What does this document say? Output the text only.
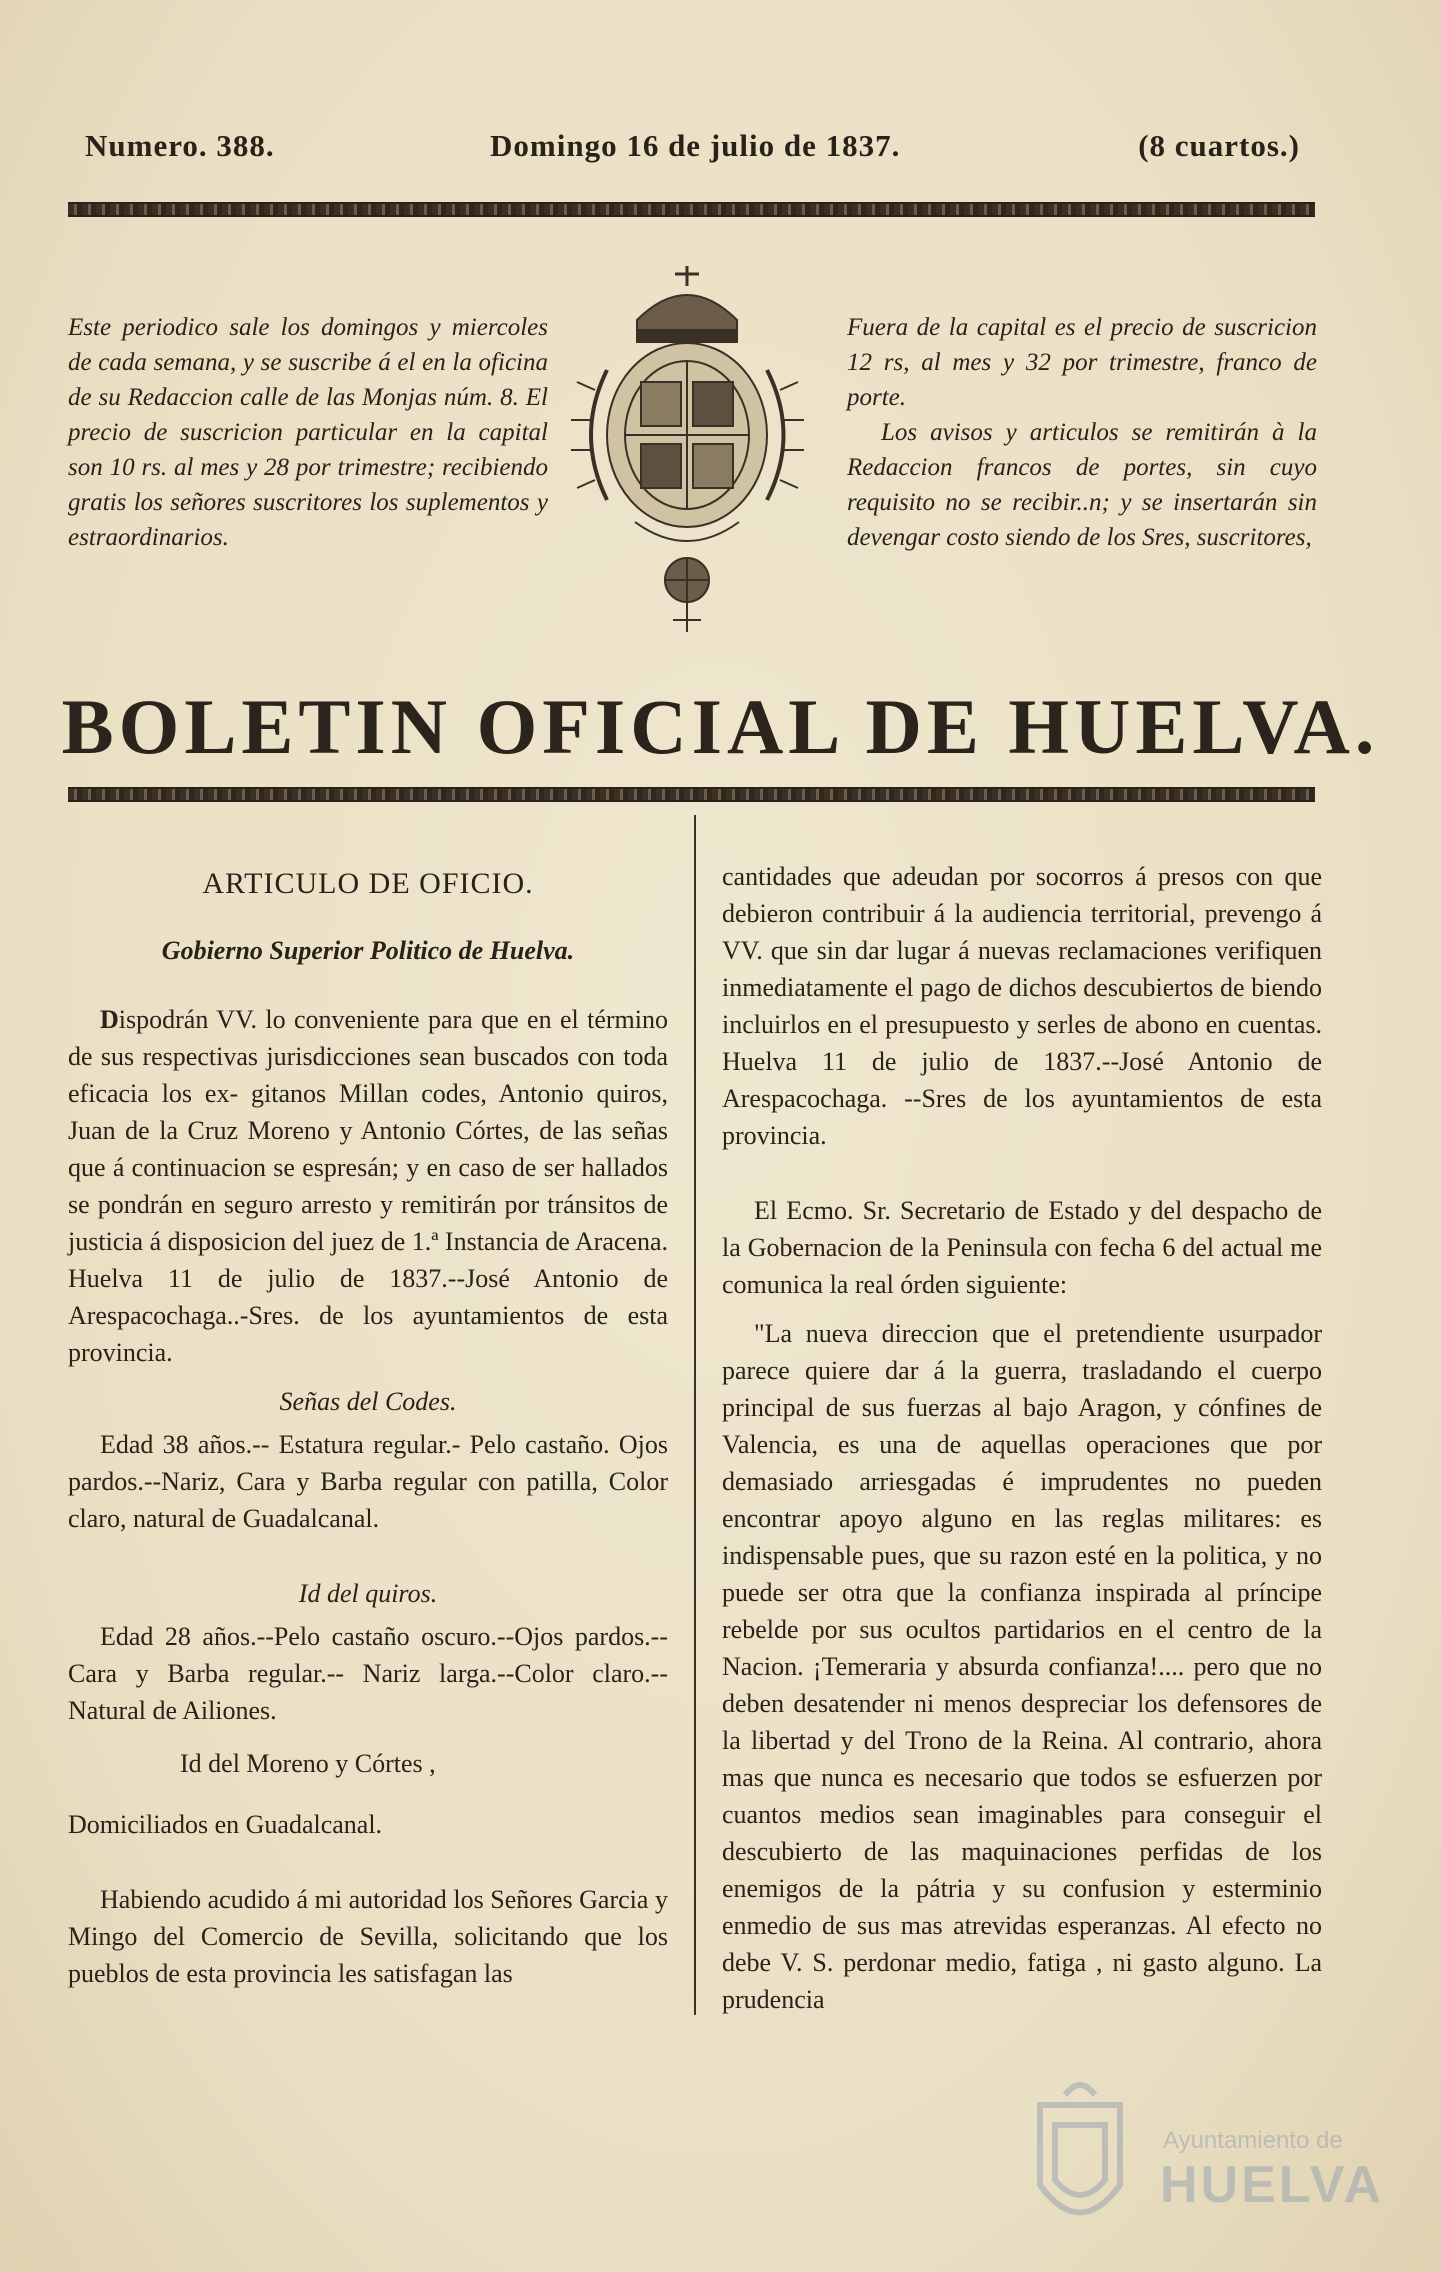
Numero. 388.	Domingo 16 de julio de 1837.	(8 cuartos.)
Este periodico sale los domingos y miercoles de cada semana, y se suscribe á el en la oficina de su Redaccion calle de las Monjas núm. 8. El precio de suscricion particular en la capital son 10 rs. al mes y 28 por trimestre; recibiendo gratis los señores suscritores los suplementos y estraordinarios.

Fuera de la capital es el precio de suscricion 12 rs, al mes y 32 por trimestre, franco de porte.

Los avisos y articulos se remitirán à la Redaccion francos de portes, sin cuyo requisito no se recibir..n; y se insertarán sin devengar costo siendo de los Sres, suscritores,

BOLETIN OFICIAL DE HUELVA.

ARTICULO DE OFICIO.

Gobierno Superior Politico de Huelva.

Dispodrán VV. lo conveniente para que en el término de sus respectivas jurisdicciones sean buscados con toda eficacia los ex- gitanos Millan codes, Antonio quiros, Juan de la Cruz Moreno y Antonio Córtes, de las señas que á continuacion se espresán; y en caso de ser hallados se pondrán en seguro arresto y remitirán por tránsitos de justicia á disposicion del juez de 1.ª Instancia de Aracena. Huelva 11 de julio de 1837.--José Antonio de Arespacochaga..-Sres. de los ayuntamientos de esta provincia.

Señas del Codes.

Edad 38 años.-- Estatura regular.- Pelo castaño. Ojos pardos.--Nariz, Cara y Barba regular con patilla, Color claro, natural de Guadalcanal.

Id del quiros.

Edad 28 años.--Pelo castaño oscuro.--Ojos pardos.--Cara y Barba regular.-- Nariz larga.--Color claro.-- Natural de Ailiones.

Id del Moreno y Córtes ,

Domiciliados en Guadalcanal.

Habiendo acudido á mi autoridad los Señores Garcia y Mingo del Comercio de Sevilla, solicitando que los pueblos de esta provincia les satisfagan las

cantidades que adeudan por socorros á presos con que debieron contribuir á la audiencia territorial, prevengo á VV. que sin dar lugar á nuevas reclamaciones verifiquen inmediatamente el pago de dichos descubiertos de biendo incluirlos en el presupuesto y serles de abono en cuentas. Huelva 11 de julio de 1837.--José Antonio de Arespacochaga. --Sres de los ayuntamientos de esta provincia.

El Ecmo. Sr. Secretario de Estado y del despacho de la Gobernacion de la Peninsula con fecha 6 del actual me comunica la real órden siguiente:

"La nueva direccion que el pretendiente usurpador parece quiere dar á la guerra, trasladando el cuerpo principal de sus fuerzas al bajo Aragon, y cónfines de Valencia, es una de aquellas operaciones que por demasiado arriesgadas é imprudentes no pueden encontrar apoyo alguno en las reglas militares: es indispensable pues, que su razon esté en la politica, y no puede ser otra que la confianza inspirada al príncipe rebelde por sus ocultos partidarios en el centro de la Nacion. ¡Temeraria y absurda confianza!.... pero que no deben desatender ni menos despreciar los defensores de la libertad y del Trono de la Reina. Al contrario, ahora mas que nunca es necesario que todos se esfuerzen por cuantos medios sean imaginables para conseguir el descubierto de las maquinaciones perfidas de los enemigos de la pátria y su confusion y esterminio enmedio de sus mas atrevidas esperanzas. Al efecto no debe V. S. perdonar medio, fatiga , ni gasto alguno. La prudencia

Ayuntamiento de
HUELVA
